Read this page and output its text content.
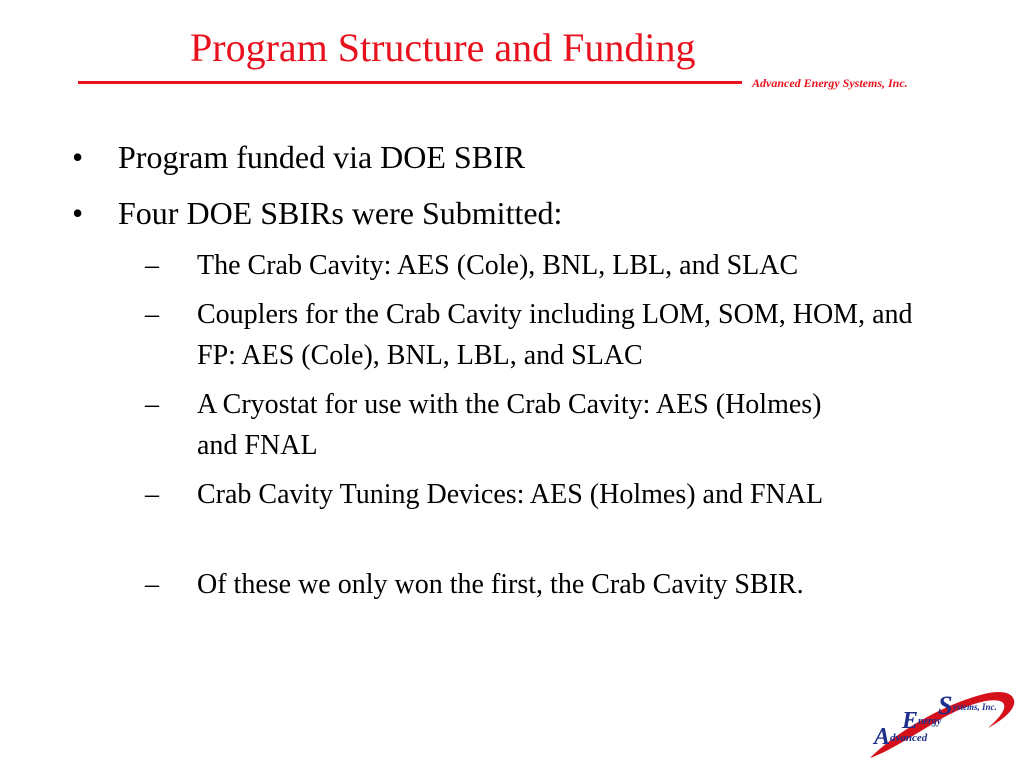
Program Structure and Funding
Advanced Energy Systems, Inc.
•	Program funded via DOE SBIR
•	Four DOE SBIRs were Submitted:
–	The Crab Cavity: AES (Cole), BNL, LBL, and SLAC
–	Couplers for the Crab Cavity including LOM, SOM, HOM, and FP: AES (Cole), BNL, LBL, and SLAC
–	A Cryostat for use with the Crab Cavity: AES (Holmes) and FNAL
–	Crab Cavity Tuning Devices: AES (Holmes) and FNAL
–	Of these we only won the first, the Crab Cavity SBIR.
S ystems, Inc.
E nergy
A dvanced
